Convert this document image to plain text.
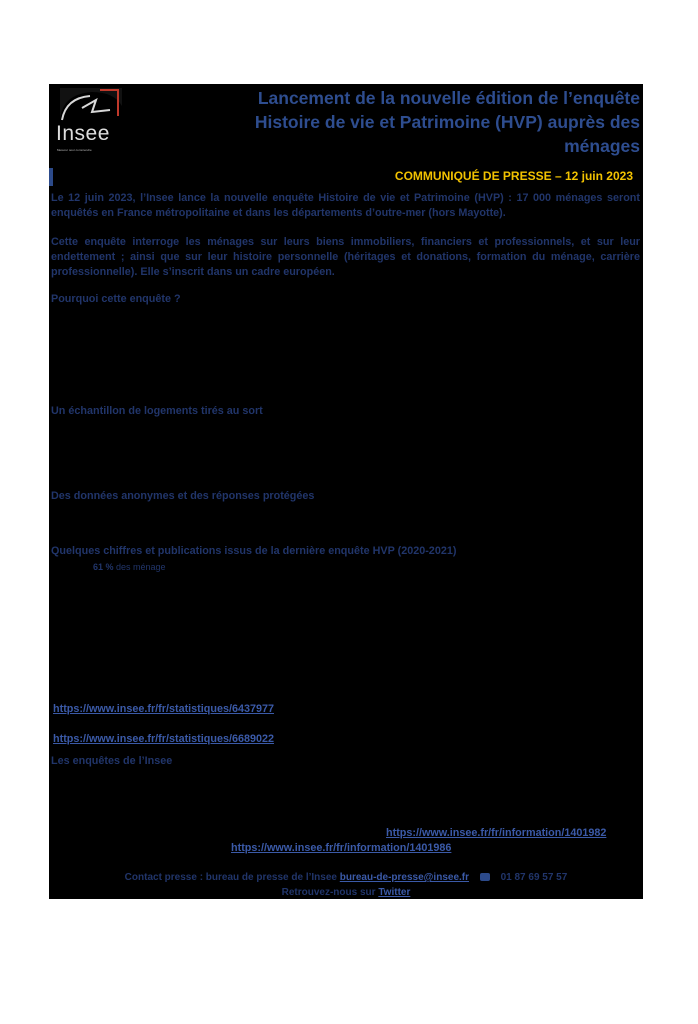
Insee
Mesurer pour comprendre
Lancement de la nouvelle édition de l’enquête
Histoire de vie et Patrimoine (HVP) auprès des
ménages
COMMUNIQUÉ DE PRESSE – 12 juin 2023
Le 12 juin 2023, l’Insee lance la nouvelle enquête Histoire de vie et Patrimoine (HVP) : 17 000 ménages seront enquêtés en France métropolitaine et dans les départements d’outre-mer (hors Mayotte).
Cette enquête interroge les ménages sur leurs biens immobiliers, financiers et professionnels, et sur leur endettement ; ainsi que sur leur histoire personnelle (héritages et donations, formation du ménage, carrière professionnelle). Elle s’inscrit dans un cadre européen.
Pourquoi cette enquête ?
Un échantillon de logements tirés au sort
Des données anonymes et des réponses protégées
Quelques chiffres et publications issus de la dernière enquête HVP (2020-2021)
61 % des ménage
https://www.insee.fr/fr/statistiques/6437977
https://www.insee.fr/fr/statistiques/6689022
Les enquêtes de l’Insee
https://www.insee.fr/fr/information/1401982
https://www.insee.fr/fr/information/1401986
Contact presse : bureau de presse de l’Insee bureau-de-presse@insee.fr	01 87 69 57 57
Retrouvez-nous sur Twitter
